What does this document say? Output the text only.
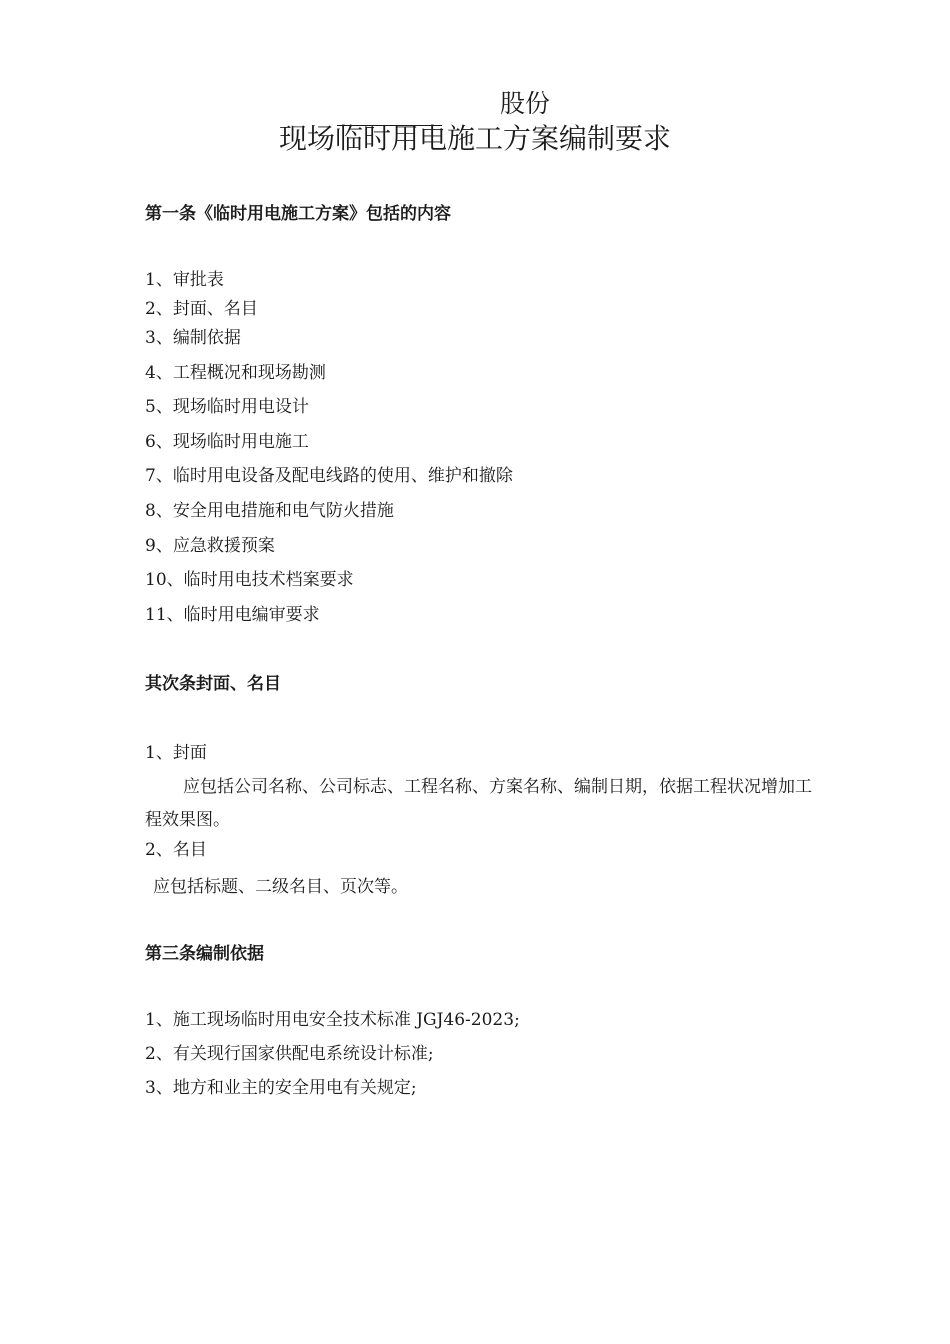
股份
现场临时用电施工方案编制要求
第一条《临时用电施工方案》包括的内容
1、审批表
2、封面、名目
3、编制依据
4、工程概况和现场勘测
5、现场临时用电设计
6、现场临时用电施工
7、临时用电设备及配电线路的使用、维护和撤除
8、安全用电措施和电气防火措施
9、应急救援预案
10、临时用电技术档案要求
11、临时用电编审要求
其次条封面、名目
1、封面
应包括公司名称、公司标志、工程名称、方案名称、编制日期，依据工程状况增加工程效果图。
2、名目
应包括标题、二级名目、页次等。
第三条编制依据
1、施工现场临时用电安全技术标准 JGJ46-2023;
2、有关现行国家供配电系统设计标准;
3、地方和业主的安全用电有关规定;
